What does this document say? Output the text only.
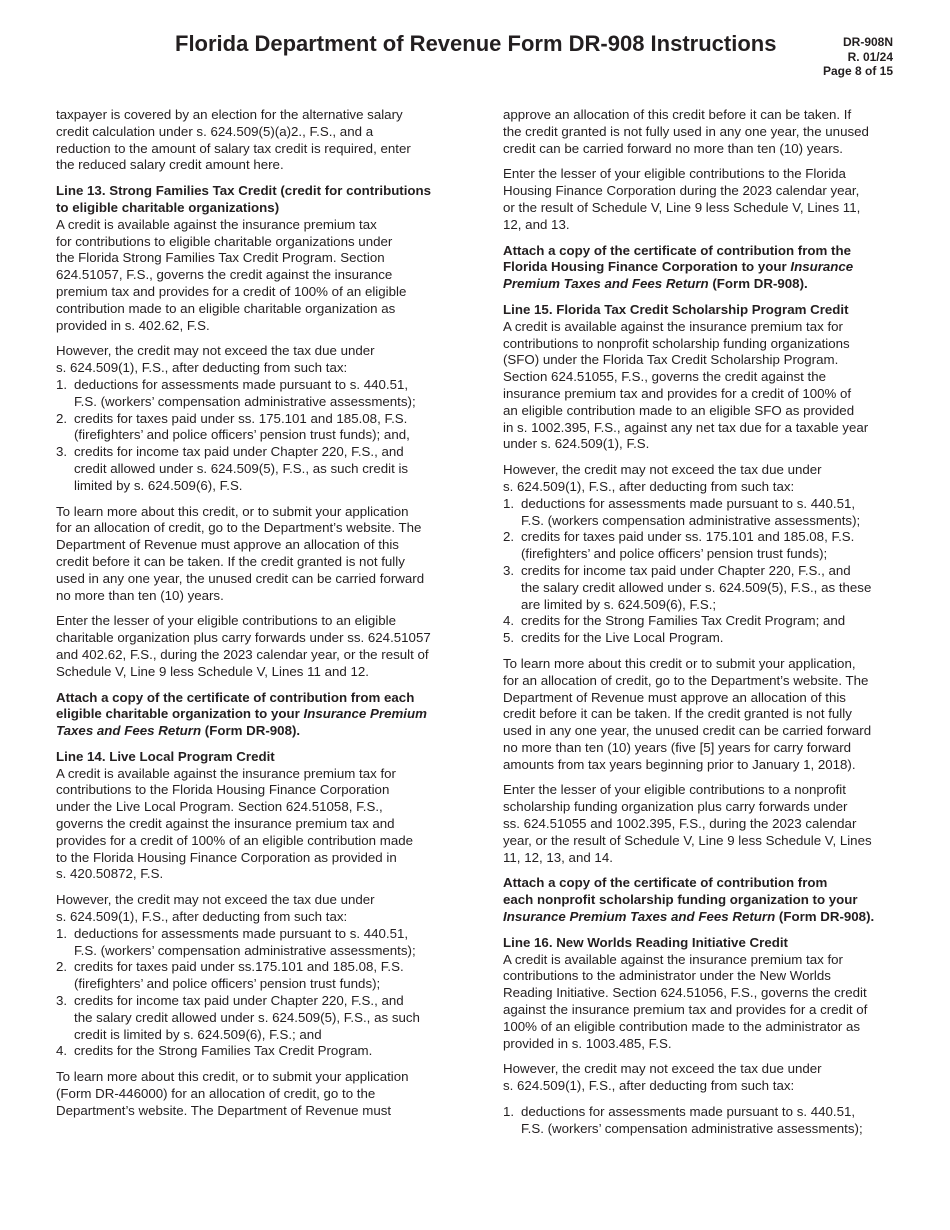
Florida Department of Revenue Form DR-908 Instructions	DR-908N
R. 01/24
Page 8 of 15

taxpayer is covered by an election for the alternative salary
credit calculation under s. 624.509(5)(a)2., F.S., and a
reduction to the amount of salary tax credit is required, enter
the reduced salary credit amount here.

Line 13. Strong Families Tax Credit (credit for contributions
to eligible charitable organizations)

A credit is available against the insurance premium tax
for contributions to eligible charitable organizations under
the Florida Strong Families Tax Credit Program. Section
624.51057, F.S., governs the credit against the insurance
premium tax and provides for a credit of 100% of an eligible
contribution made to an eligible charitable organization as
provided in s. 402.62, F.S.

However, the credit may not exceed the tax due under
s. 624.509(1), F.S., after deducting from such tax:

1. deductions for assessments made pursuant to s. 440.51,
F.S. (workers’ compensation administrative assessments);
2. credits for taxes paid under ss. 175.101 and 185.08, F.S.
(firefighters’ and police officers’ pension trust funds); and,
3. credits for income tax paid under Chapter 220, F.S., and
credit allowed under s. 624.509(5), F.S., as such credit is
limited by s. 624.509(6), F.S.

To learn more about this credit, or to submit your application
for an allocation of credit, go to the Department’s website. The
Department of Revenue must approve an allocation of this
credit before it can be taken. If the credit granted is not fully
used in any one year, the unused credit can be carried forward
no more than ten (10) years.

Enter the lesser of your eligible contributions to an eligible
charitable organization plus carry forwards under ss. 624.51057
and 402.62, F.S., during the 2023 calendar year, or the result of
Schedule V, Line 9 less Schedule V, Lines 11 and 12.

Attach a copy of the certificate of contribution from each
eligible charitable organization to your Insurance Premium
Taxes and Fees Return (Form DR-908).

Line 14. Live Local Program Credit

A credit is available against the insurance premium tax for
contributions to the Florida Housing Finance Corporation
under the Live Local Program. Section 624.51058, F.S.,
governs the credit against the insurance premium tax and
provides for a credit of 100% of an eligible contribution made
to the Florida Housing Finance Corporation as provided in
s. 420.50872, F.S.

However, the credit may not exceed the tax due under
s. 624.509(1), F.S., after deducting from such tax:

1. deductions for assessments made pursuant to s. 440.51,
F.S. (workers’ compensation administrative assessments);
2. credits for taxes paid under ss.175.101 and 185.08, F.S.
(firefighters’ and police officers’ pension trust funds);
3. credits for income tax paid under Chapter 220, F.S., and
the salary credit allowed under s. 624.509(5), F.S., as such
credit is limited by s. 624.509(6), F.S.; and
4. credits for the Strong Families Tax Credit Program.

To learn more about this credit, or to submit your application
(Form DR-446000) for an allocation of credit, go to the
Department’s website. The Department of Revenue must

approve an allocation of this credit before it can be taken. If
the credit granted is not fully used in any one year, the unused
credit can be carried forward no more than ten (10) years.

Enter the lesser of your eligible contributions to the Florida
Housing Finance Corporation during the 2023 calendar year,
or the result of Schedule V, Line 9 less Schedule V, Lines 11,
12, and 13.

Attach a copy of the certificate of contribution from the
Florida Housing Finance Corporation to your Insurance
Premium Taxes and Fees Return (Form DR-908).

Line 15. Florida Tax Credit Scholarship Program Credit

A credit is available against the insurance premium tax for
contributions to nonprofit scholarship funding organizations
(SFO) under the Florida Tax Credit Scholarship Program.
Section 624.51055, F.S., governs the credit against the
insurance premium tax and provides for a credit of 100% of
an eligible contribution made to an eligible SFO as provided
in s. 1002.395, F.S., against any net tax due for a taxable year
under s. 624.509(1), F.S.

However, the credit may not exceed the tax due under
s. 624.509(1), F.S., after deducting from such tax:

1. deductions for assessments made pursuant to s. 440.51,
F.S. (workers compensation administrative assessments);
2. credits for taxes paid under ss. 175.101 and 185.08, F.S.
(firefighters’ and police officers’ pension trust funds);
3. credits for income tax paid under Chapter 220, F.S., and
the salary credit allowed under s. 624.509(5), F.S., as these
are limited by s. 624.509(6), F.S.;
4. credits for the Strong Families Tax Credit Program; and
5. credits for the Live Local Program.

To learn more about this credit or to submit your application,
for an allocation of credit, go to the Department’s website. The
Department of Revenue must approve an allocation of this
credit before it can be taken. If the credit granted is not fully
used in any one year, the unused credit can be carried forward
no more than ten (10) years (five [5] years for carry forward
amounts from tax years beginning prior to January 1, 2018).

Enter the lesser of your eligible contributions to a nonprofit
scholarship funding organization plus carry forwards under
ss. 624.51055 and 1002.395, F.S., during the 2023 calendar
year, or the result of Schedule V, Line 9 less Schedule V, Lines
11, 12, 13, and 14.

Attach a copy of the certificate of contribution from
each nonprofit scholarship funding organization to your
Insurance Premium Taxes and Fees Return (Form DR-908).

Line 16. New Worlds Reading Initiative Credit

A credit is available against the insurance premium tax for
contributions to the administrator under the New Worlds
Reading Initiative. Section 624.51056, F.S., governs the credit
against the insurance premium tax and provides for a credit of
100% of an eligible contribution made to the administrator as
provided in s. 1003.485, F.S.

However, the credit may not exceed the tax due under
s. 624.509(1), F.S., after deducting from such tax:

1. deductions for assessments made pursuant to s. 440.51,
F.S. (workers’ compensation administrative assessments);
